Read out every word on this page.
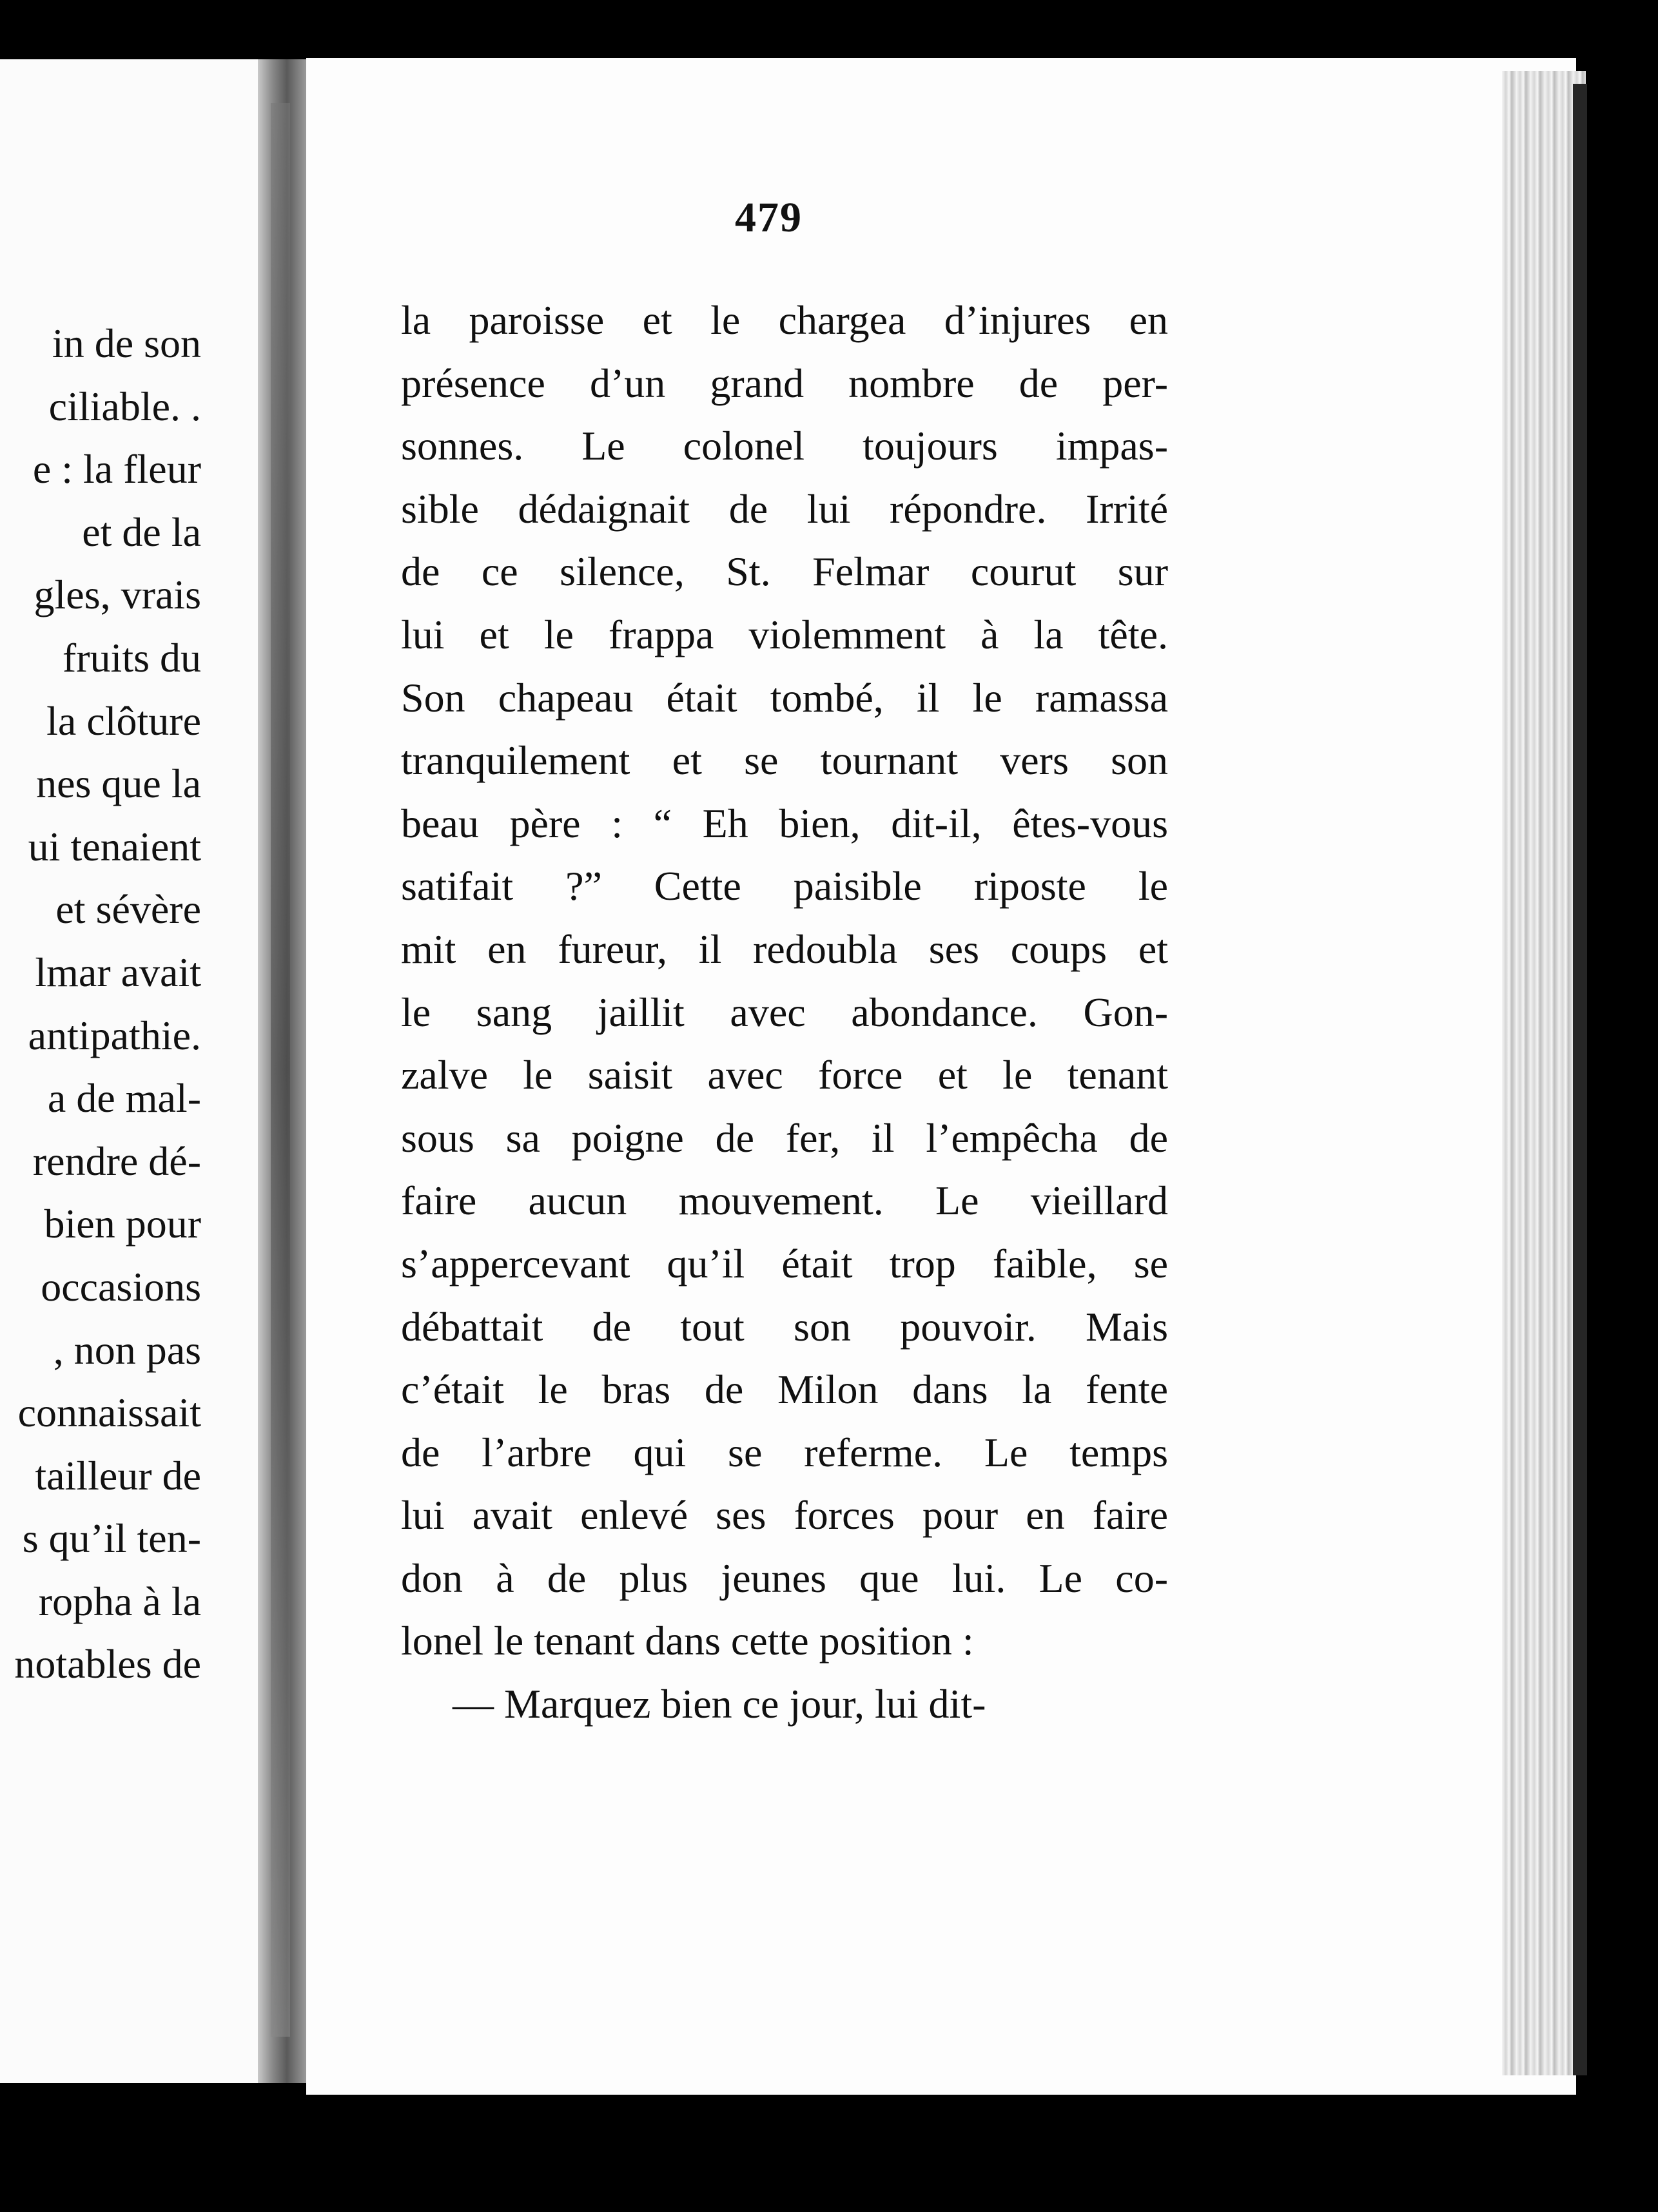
in de son
ciliable. .
e : la fleur
et de la
gles, vrais
fruits du
la clôture
nes que la
ui tenaient
et sévère
lmar avait
antipathie.
a de mal-
rendre dé-
bien pour
occasions
, non pas
connaissait
tailleur de
s qu’il ten-
ropha à la
notables de
479
la paroisse et le chargea d’injures en
présence d’un grand nombre de per-
sonnes. Le colonel toujours impas-
sible dédaignait de lui répondre. Irrité
de ce silence, St. Felmar courut sur
lui et le frappa violemment à la tête.
Son chapeau était tombé, il le ramassa
tranquilement et se tournant vers son
beau père : “ Eh bien, dit-il, êtes-vous
satifait ?” Cette paisible riposte le
mit en fureur, il redoubla ses coups et
le sang jaillit avec abondance. Gon-
zalve le saisit avec force et le tenant
sous sa poigne de fer, il l’empêcha de
faire aucun mouvement. Le vieillard
s’appercevant qu’il était trop faible, se
débattait de tout son pouvoir. Mais
c’était le bras de Milon dans la fente
de l’arbre qui se referme. Le temps
lui avait enlevé ses forces pour en faire
don à de plus jeunes que lui. Le co-
lonel le tenant dans cette position :
— Marquez bien ce jour, lui dit-
